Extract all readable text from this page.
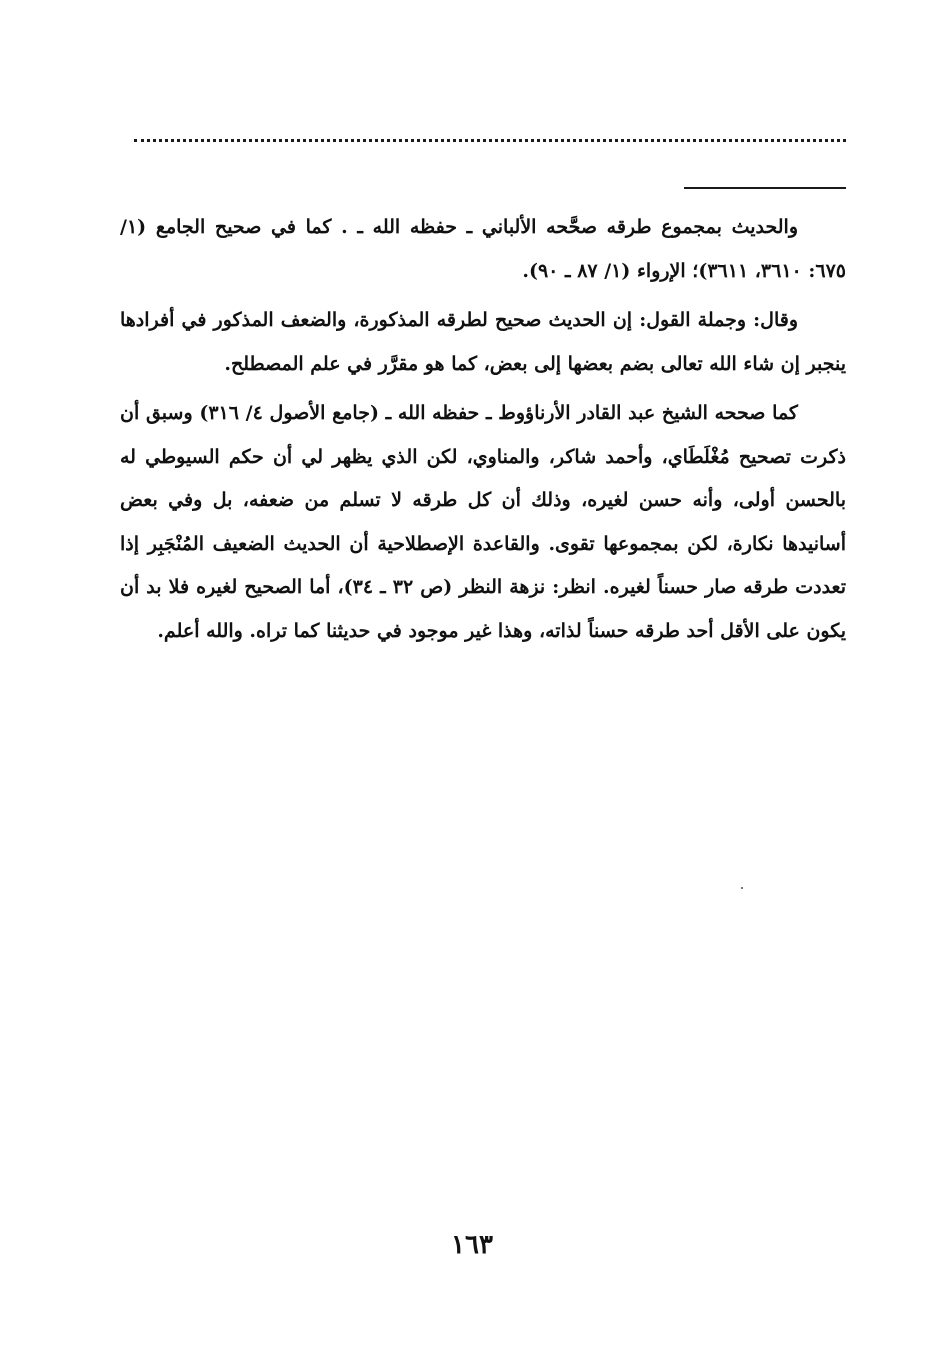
والحديث بمجموع طرقه صحَّحه الألباني ـ حفظه الله ـ . كما في صحيح الجامع (١/ ٦٧٥: ٣٦١٠، ٣٦١١)؛ الإرواء (١/ ٨٧ ـ ٩٠).

وقال: وجملة القول: إن الحديث صحيح لطرقه المذكورة، والضعف المذكور في أفرادها ينجبر إن شاء الله تعالى بضم بعضها إلى بعض، كما هو مقرَّر في علم المصطلح.

كما صححه الشيخ عبد القادر الأرناؤوط ـ حفظه الله ـ (جامع الأصول ٤/ ٣١٦) وسبق أن ذكرت تصحيح مُغْلَطَاي، وأحمد شاكر، والمناوي، لكن الذي يظهر لي أن حكم السيوطي له بالحسن أولى، وأنه حسن لغيره، وذلك أن كل طرقه لا تسلم من ضعفه، بل وفي بعض أسانيدها نكارة، لكن بمجموعها تقوى. والقاعدة الإصطلاحية أن الحديث الضعيف المُنْجَبِر إذا تعددت طرقه صار حسناً لغيره. انظر: نزهة النظر (ص ٣٢ ـ ٣٤)، أما الصحيح لغيره فلا بد أن يكون على الأقل أحد طرقه حسناً لذاته، وهذا غير موجود في حديثنا كما تراه. والله أعلم.

١٦٣
